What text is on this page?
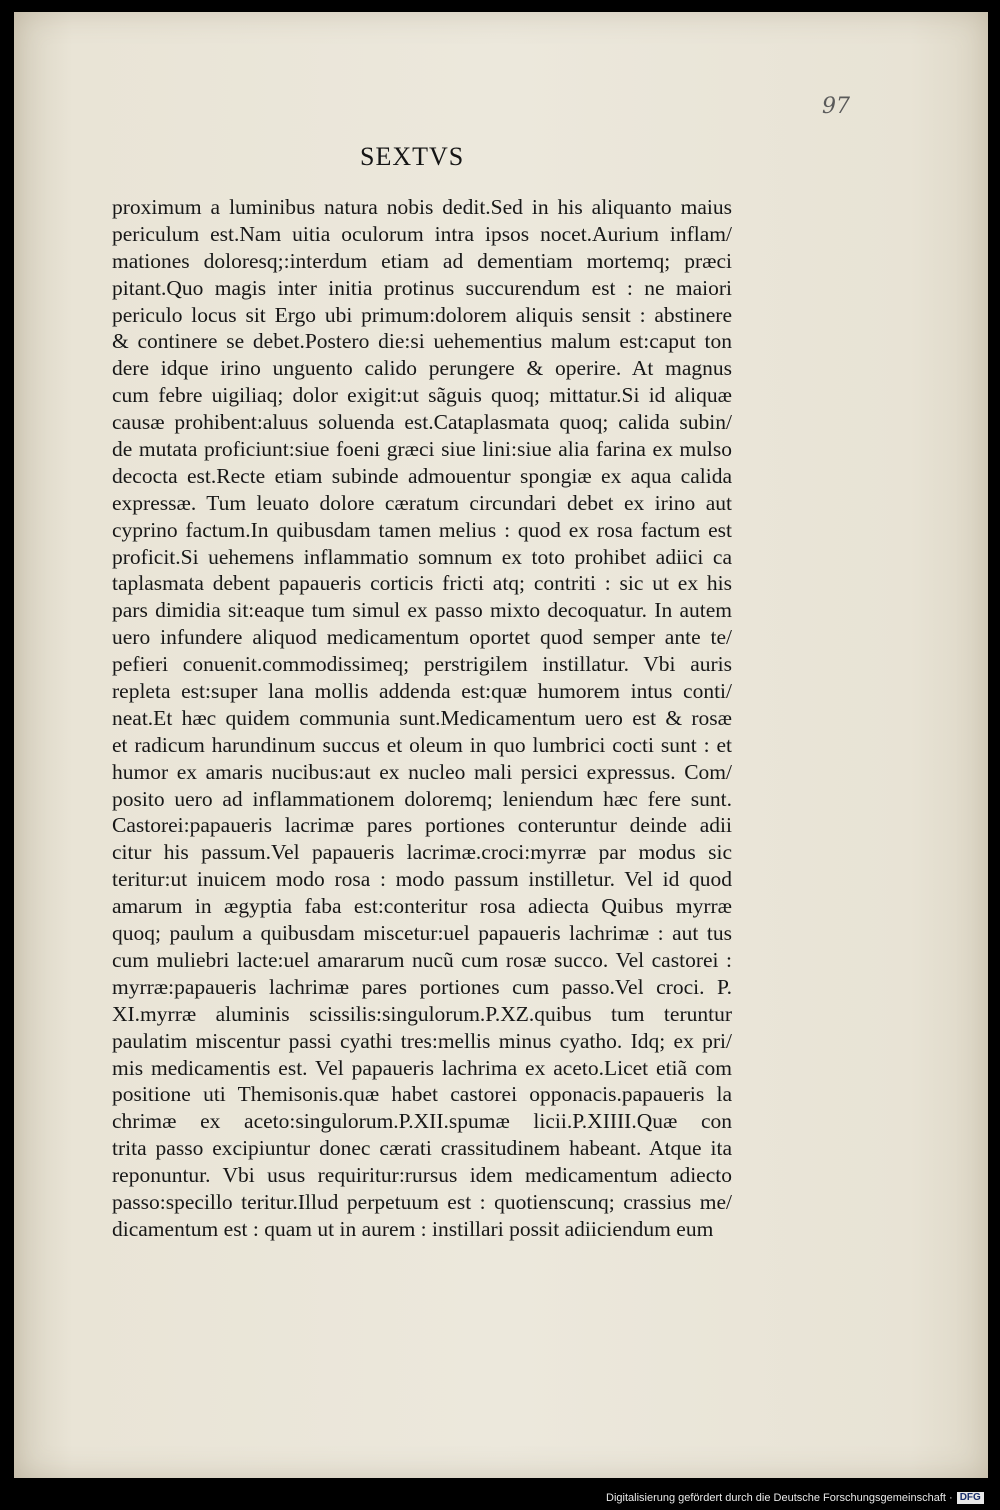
97
SEXTVS
proximum a luminibus natura nobis dedit.Sed in his aliquanto maius
periculum est.Nam uitia oculorum intra ipsos nocet.Aurium inflam/
mationes doloresq;:interdum etiam ad dementiam mortemq; præci
pitant.Quo magis inter initia protinus succurendum est : ne maiori
periculo locus sit Ergo ubi primum:dolorem aliquis sensit : abstinere
& continere se debet.Postero die:si uehementius malum est:caput ton
dere idque irino unguento calido perungere & operire. At magnus
cum febre uigiliaq; dolor exigit:ut sãguis quoq; mittatur.Si id aliquæ
causæ prohibent:aluus soluenda est.Cataplasmata quoq; calida subin/
de mutata proficiunt:siue foeni græci siue lini:siue alia farina ex mulso
decocta est.Recte etiam subinde admouentur spongiæ ex aqua calida
expressæ. Tum leuato dolore cæratum circundari debet ex irino aut
cyprino factum.In quibusdam tamen melius : quod ex rosa factum est
proficit.Si uehemens inflammatio somnum ex toto prohibet adiici ca
taplasmata debent papaueris corticis fricti atq; contriti : sic ut ex his
pars dimidia sit:eaque tum simul ex passo mixto decoquatur. In autem
uero infundere aliquod medicamentum oportet quod semper ante te/
pefieri conuenit.commodissimeq; perstrigilem instillatur. Vbi auris
repleta est:super lana mollis addenda est:quæ humorem intus conti/
neat.Et hæc quidem communia sunt.Medicamentum uero est & rosæ
et radicum harundinum succus et oleum in quo lumbrici cocti sunt : et
humor ex amaris nucibus:aut ex nucleo mali persici expressus. Com/
posito uero ad inflammationem doloremq; leniendum hæc fere sunt.
Castorei:papaueris lacrimæ pares portiones conteruntur deinde adii
citur his passum.Vel papaueris lacrimæ.croci:myrræ par modus sic
teritur:ut inuicem modo rosa : modo passum instilletur. Vel id quod
amarum in ægyptia faba est:conteritur rosa adiecta Quibus myrræ
quoq; paulum a quibusdam miscetur:uel papaueris lachrimæ : aut tus
cum muliebri lacte:uel amararum nucũ cum rosæ succo. Vel castorei :
myrræ:papaueris lachrimæ pares portiones cum passo.Vel croci. P.
XI.myrræ aluminis scissilis:singulorum.P.XZ.quibus tum teruntur
paulatim miscentur passi cyathi tres:mellis minus cyatho. Idq; ex pri/
mis medicamentis est. Vel papaueris lachrima ex aceto.Licet etiã com
positione uti Themisonis.quæ habet castorei opponacis.papaueris la
chrimæ ex aceto:singulorum.P.XII.spumæ licii.P.XIIII.Quæ con
trita passo excipiuntur donec cærati crassitudinem habeant. Atque ita
reponuntur. Vbi usus requiritur:rursus idem medicamentum adiecto
passo:specillo teritur.Illud perpetuum est : quotienscunq; crassius me/
dicamentum est : quam ut in aurem : instillari possit adiiciendum eum
Digitalisierung gefördert durch die Deutsche Forschungsgemeinschaft · DFG
